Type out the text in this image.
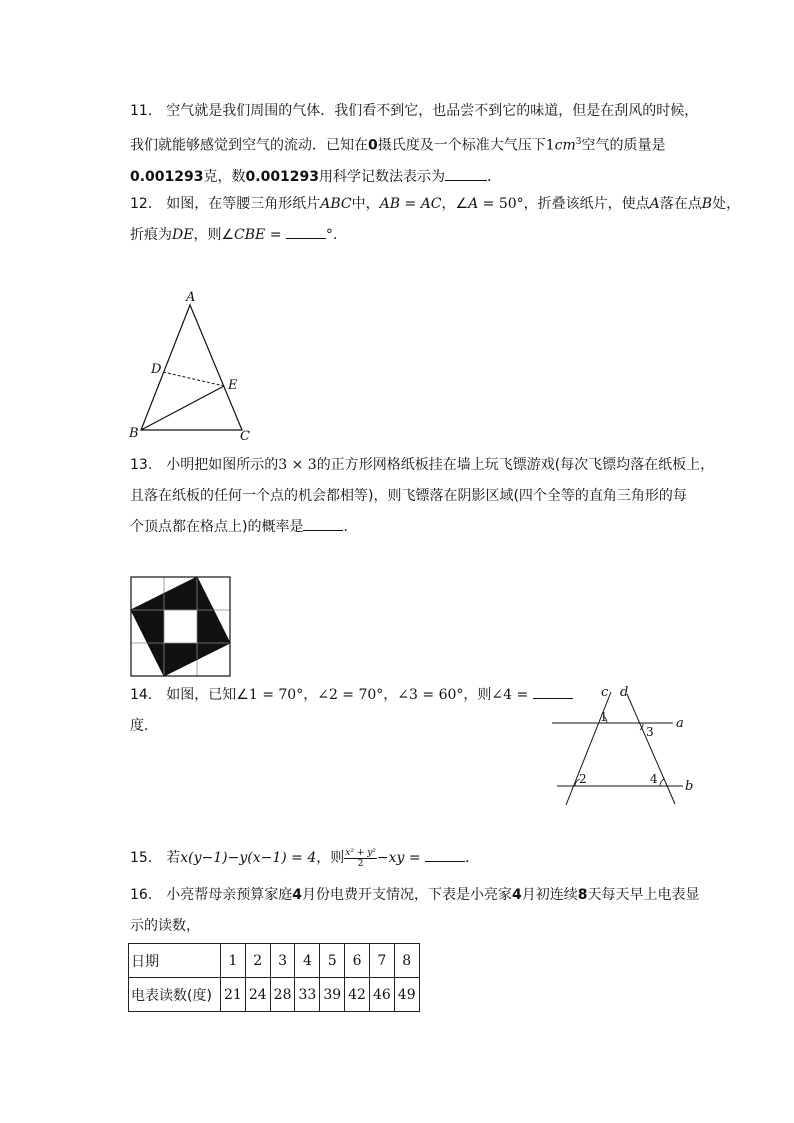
11. 空气就是我们周围的气体．我们看不到它，也品尝不到它的味道，但是在刮风的时候，
我们就能够感觉到空气的流动．已知在0摄氏度及一个标准大气压下$1cm^3$空气的质量是
0.001293克，数0.001293用科学记数法表示为	．
12. 如图，在等腰三角形纸片ABC中，AB = AC，∠A = 50°，折叠该纸片，使点A落在点B处，
折痕为DE，则∠CBE =	°.
A
D
E
B	C
13. 小明把如图所示的3 × 3的正方形网格纸板挂在墙上玩飞镖游戏(每次飞镖均落在纸板上，
且落在纸板的任何一个点的机会都相等)，则飞镖落在阴影区域(四个全等的直角三角形的每
个顶点都在格点上)的概率是	．
14. 如图，已知∠1 = 70°，∠2 = 70°，∠3 = 60°，则∠4 =
度．
c d
a
b
1
2
3
4
15. 若x(y−1)−y(x−1) = 4，则 $\frac{\text{x² + y²}}{2} -xy$ =	．
16. 小亮帮母亲预算家庭4月份电费开支情况，下表是小亮家4月初连续8天每天早上电表显
示的读数，
日期	1	2	3	4	5	6	7	8
电表读数(度)	21	24	28	33	39	42	46	49
